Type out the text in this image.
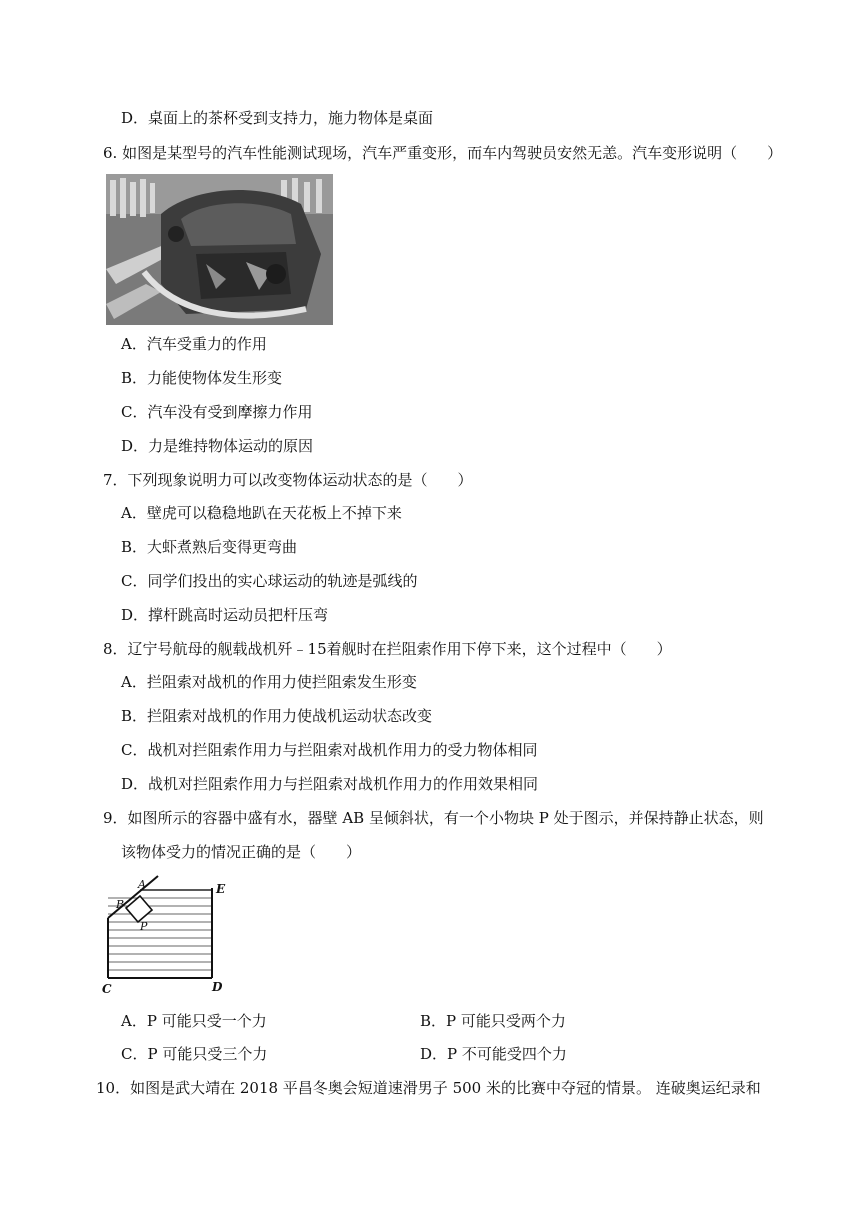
D．桌面上的茶杯受到支持力，施力物体是桌面
6. 如图是某型号的汽车性能测试现场，汽车严重变形，而车内驾驶员安然无恙。汽车变形说明（　　）
A．汽车受重力的作用
B．力能使物体发生形变
C．汽车没有受到摩擦力作用
D．力是维持物体运动的原因
7．下列现象说明力可以改变物体运动状态的是（　　）
A．壁虎可以稳稳地趴在天花板上不掉下来
B．大虾煮熟后变得更弯曲
C．同学们投出的实心球运动的轨迹是弧线的
D．撑杆跳高时运动员把杆压弯
8．辽宁号航母的舰载战机歼﹣15着舰时在拦阻索作用下停下来，这个过程中（　　）
A．拦阻索对战机的作用力使拦阻索发生形变
B．拦阻索对战机的作用力使战机运动状态改变
C．战机对拦阻索作用力与拦阻索对战机作用力的受力物体相同
D．战机对拦阻索作用力与拦阻索对战机作用力的作用效果相同
9．如图所示的容器中盛有水，器壁 AB 呈倾斜状，有一个小物块 P 处于图示，并保持静止状态，则
该物体受力的情况正确的是（　　）
A
B
P
C	D
E
A．P 可能只受一个力	B．P 可能只受两个力
C．P 可能只受三个力	D．P 不可能受四个力
10．如图是武大靖在 2018 平昌冬奥会短道速滑男子 500 米的比赛中夺冠的情景。 连破奥运纪录和
